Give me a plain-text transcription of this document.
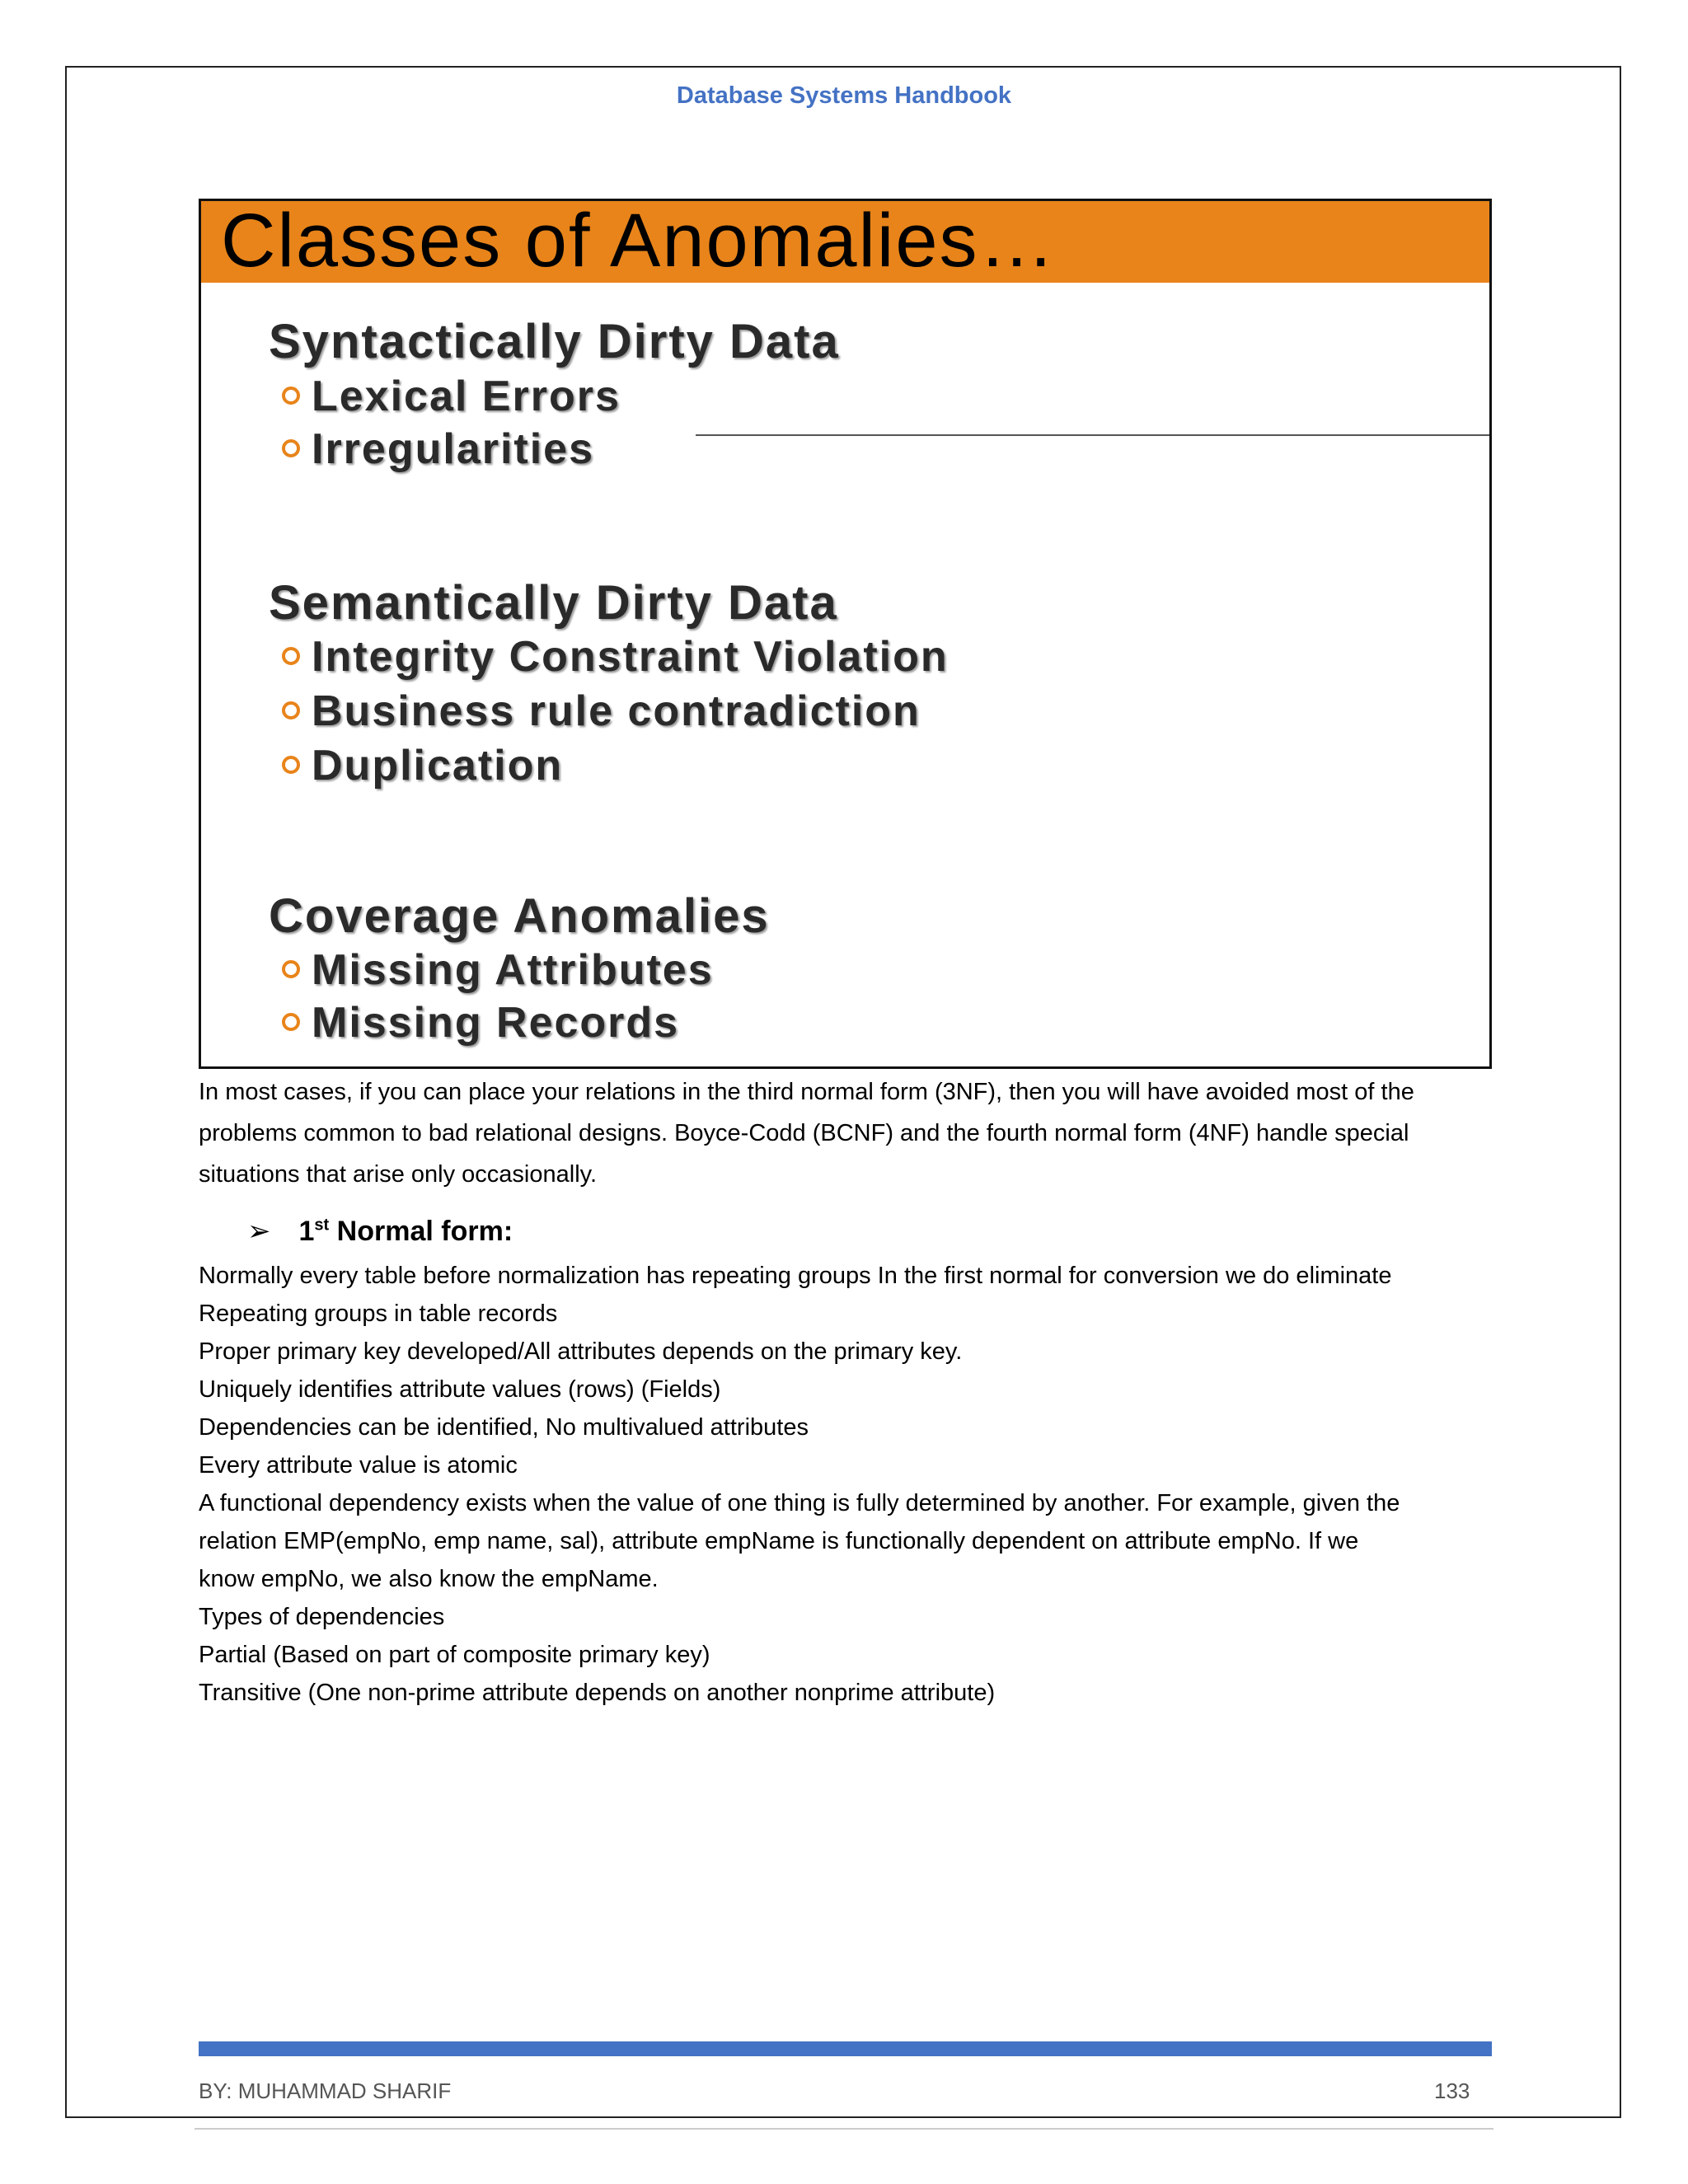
Database Systems Handbook
Classes of Anomalies…
Syntactically Dirty Data
Lexical Errors
Irregularities
Semantically Dirty Data
Integrity Constraint Violation
Business rule contradiction
Duplication
Coverage Anomalies
Missing Attributes
Missing Records
In most cases, if you can place your relations in the third normal form (3NF), then you will have avoided most of the problems common to bad relational designs. Boyce-Codd (BCNF) and the fourth normal form (4NF) handle special situations that arise only occasionally.
➢ 1st Normal form:
Normally every table before normalization has repeating groups In the first normal for conversion we do eliminate
Repeating groups in table records
Proper primary key developed/All attributes depends on the primary key.
Uniquely identifies attribute values (rows) (Fields)
Dependencies can be identified, No multivalued attributes
Every attribute value is atomic
A functional dependency exists when the value of one thing is fully determined by another. For example, given the
relation EMP(empNo, emp name, sal), attribute empName is functionally dependent on attribute empNo. If we
know empNo, we also know the empName.
Types of dependencies
Partial (Based on part of composite primary key)
Transitive (One non-prime attribute depends on another nonprime attribute)
BY: MUHAMMAD SHARIF	133
